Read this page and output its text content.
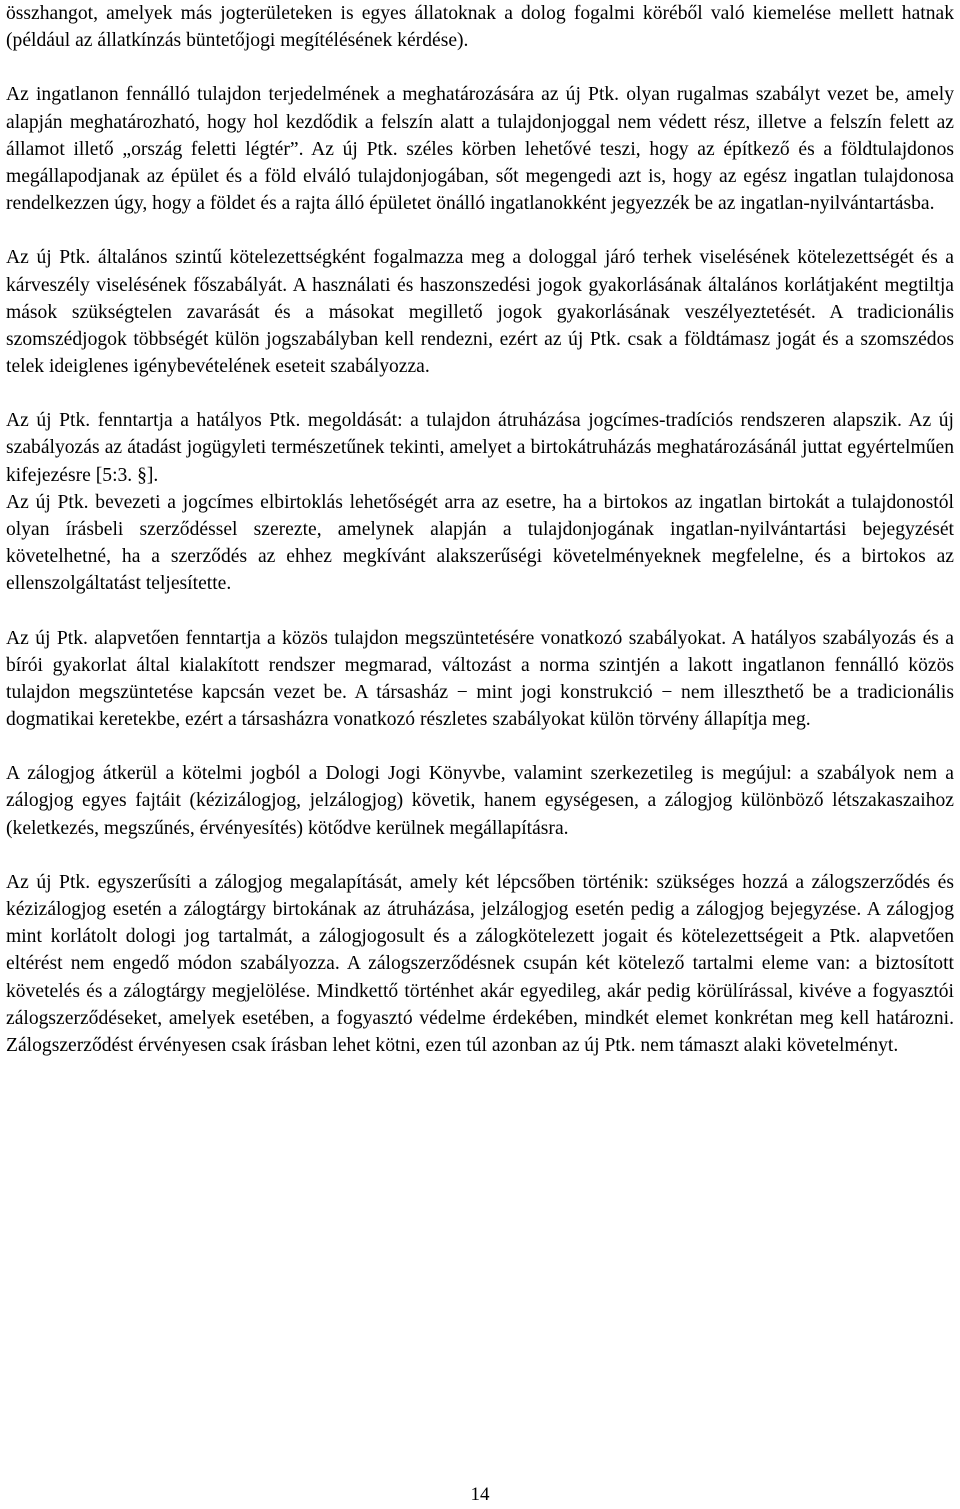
összhangot, amelyek más jogterületeken is egyes állatoknak a dolog fogalmi köréből való kiemelése mellett hatnak (például az állatkínzás büntetőjogi megítélésének kérdése).

Az ingatlanon fennálló tulajdon terjedelmének a meghatározására az új Ptk. olyan rugalmas szabályt vezet be, amely alapján meghatározható, hogy hol kezdődik a felszín alatt a tulajdonjoggal nem védett rész, illetve a felszín felett az államot illető „ország feletti légtér”. Az új Ptk. széles körben lehetővé teszi, hogy az építkező és a földtulajdonos megállapodjanak az épület és a föld elváló tulajdonjogában, sőt megengedi azt is, hogy az egész ingatlan tulajdonosa rendelkezzen úgy, hogy a földet és a rajta álló épületet önálló ingatlanokként jegyezzék be az ingatlan-nyilvántartásba.

Az új Ptk. általános szintű kötelezettségként fogalmazza meg a dologgal járó terhek viselésének kötelezettségét és a kárveszély viselésének főszabályát. A használati és haszonszedési jogok gyakorlásának általános korlátjaként megtiltja mások szükségtelen zavarását és a másokat megillető jogok gyakorlásának veszélyeztetését. A tradicionális szomszédjogok többségét külön jogszabályban kell rendezni, ezért az új Ptk. csak a földtámasz jogát és a szomszédos telek ideiglenes igénybevételének eseteit szabályozza.

Az új Ptk. fenntartja a hatályos Ptk. megoldását: a tulajdon átruházása jogcímes-tradíciós rendszeren alapszik. Az új szabályozás az átadást jogügyleti természetűnek tekinti, amelyet a birtokátruházás meghatározásánál juttat egyértelműen kifejezésre [5:3. §].

Az új Ptk. bevezeti a jogcímes elbirtoklás lehetőségét arra az esetre, ha a birtokos az ingatlan birtokát a tulajdonostól olyan írásbeli szerződéssel szerezte, amelynek alapján a tulajdonjogának ingatlan-nyilvántartási bejegyzését követelhetné, ha a szerződés az ehhez megkívánt alakszerűségi követelményeknek megfelelne, és a birtokos az ellenszolgáltatást teljesítette.

Az új Ptk. alapvetően fenntartja a közös tulajdon megszüntetésére vonatkozó szabályokat. A hatályos szabályozás és a bírói gyakorlat által kialakított rendszer megmarad, változást a norma szintjén a lakott ingatlanon fennálló közös tulajdon megszüntetése kapcsán vezet be. A társasház − mint jogi konstrukció − nem illeszthető be a tradicionális dogmatikai keretekbe, ezért a társasházra vonatkozó részletes szabályokat külön törvény állapítja meg.

A zálogjog átkerül a kötelmi jogból a Dologi Jogi Könyvbe, valamint szerkezetileg is megújul: a szabályok nem a zálogjog egyes fajtáit (kézizálogjog, jelzálogjog) követik, hanem egységesen, a zálogjog különböző létszakaszaihoz (keletkezés, megszűnés, érvényesítés) kötődve kerülnek megállapításra.

Az új Ptk. egyszerűsíti a zálogjog megalapítását, amely két lépcsőben történik: szükséges hozzá a zálogszerződés és kézizálogjog esetén a zálogtárgy birtokának az átruházása, jelzálogjog esetén pedig a zálogjog bejegyzése. A zálogjog mint korlátolt dologi jog tartalmát, a zálogjogosult és a zálogkötelezett jogait és kötelezettségeit a Ptk. alapvetően eltérést nem engedő módon szabályozza. A zálogszerződésnek csupán két kötelező tartalmi eleme van: a biztosított követelés és a zálogtárgy megjelölése. Mindkettő történhet akár egyedileg, akár pedig körülírással, kivéve a fogyasztói zálogszerződéseket, amelyek esetében, a fogyasztó védelme érdekében, mindkét elemet konkrétan meg kell határozni. Zálogszerződést érvényesen csak írásban lehet kötni, ezen túl azonban az új Ptk. nem támaszt alaki követelményt.

14
